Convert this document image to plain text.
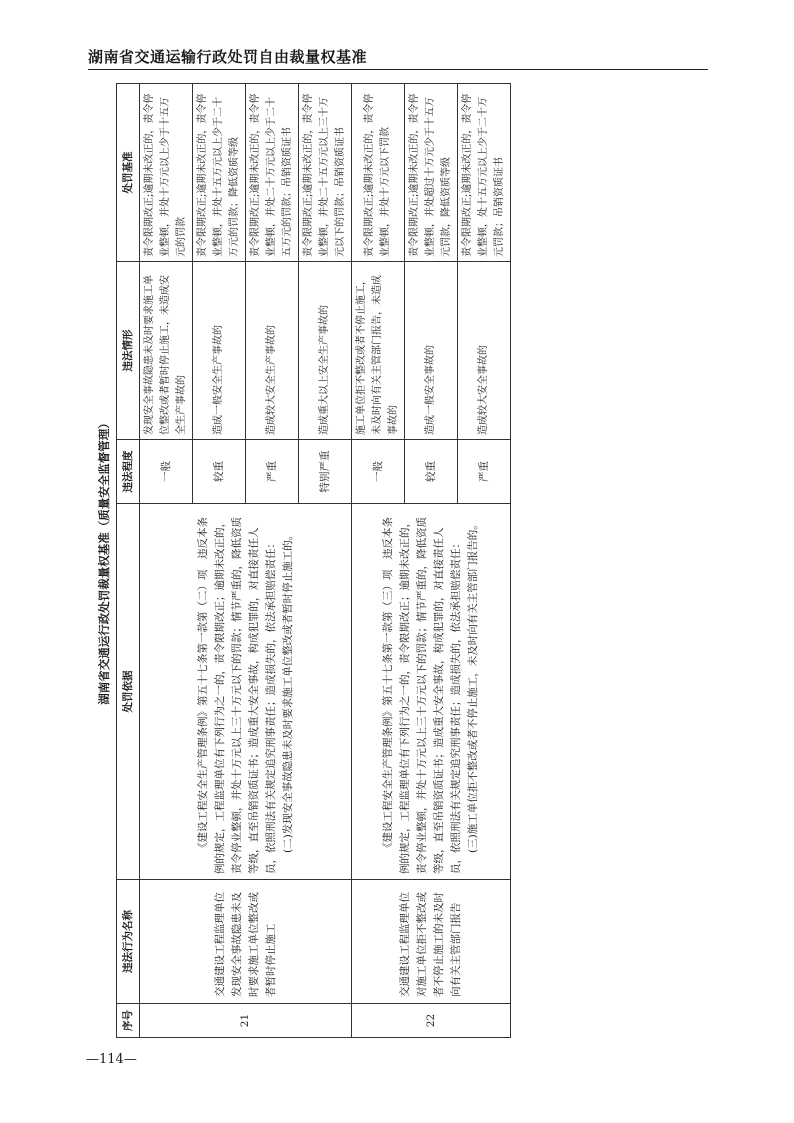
湖南省交通运输行政处罚自由裁量权基准
湖南省交通运行政处罚裁量权基准（质量安全监督管理）
序号	违法行为名称	处罚依据	违法程度	违法情形	处罚基准
21	交通建设工程监理单位发现安全事故隐患未及时要求施工单位整改或者暂时停止施工	《建设工程安全生产管理条例》第五十七条第一款第（二）项　违反本条例的规定，工程监理单位有下列行为之一的，责令限期改正；逾期未改正的，责令停业整顿，并处十万元以上三十万元以下的罚款；情节严重的，降低资质等级，直至吊销资质证书；造成重大安全事故，构成犯罪的，对直接责任人员，依照刑法有关规定追究刑事责任；造成损失的，依法承担赔偿责任： (二)发现安全事故隐患未及时要求施工单位整改或者暂时停止施工的。	一般	发现安全事故隐患未及时要求施工单位整改或者暂时停止施工，未造成安全生产事故的	责令限期改正;逾期未改正的，责令停业整顿，并处十万元以上少于十五万元的罚款
			较重	造成一般安全生产事故的	责令限期改正;逾期未改正的，责令停业整顿，并处十五万元以上少于二十万元的罚款；降低资质等级
			严重	造成较大安全生产事故的	责令限期改正;逾期未改正的，责令停业整顿，并处二十万元以上少于二十五万元的罚款；吊销资质证书
			特别严重	造成重大以上安全生产事故的	责令限期改正;逾期未改正的，责令停业整顿，并处二十五万元以上三十万元以下的罚款；吊销资质证书
22	交通建设工程监理单位对施工单位拒不整改或者不停止施工的未及时向有关主管部门报告	《建设工程安全生产管理条例》第五十七条第一款第（三）项　违反本条例的规定，工程监理单位有下列行为之一的，责令限期改正；逾期未改正的，责令停业整顿，并处十万元以上三十万元以下的罚款；情节严重的，降低资质等级，直至吊销资质证书；造成重大安全事故，构成犯罪的，对直接责任人员，依照刑法有关规定追究刑事责任；造成损失的，依法承担赔偿责任： (三)施工单位拒不整改或者不停止施工，未及时向有关主管部门报告的。	一般	施工单位拒不整改或者不停止施工，未及时向有关主管部门报告，未造成事故的	责令限期改正;逾期未改正的，责令停业整顿，并处十万元以下罚款
			较重	造成一般安全事故的	责令限期改正;逾期未改正的，责令停业整顿，并处超过十万元少于十五万元罚款，降低资质等级
			严重	造成较大安全事故的	责令限期改正;逾期未改正的，责令停业整顿，处十五万元以上少于二十万元罚款；吊销资质证书
—114—
